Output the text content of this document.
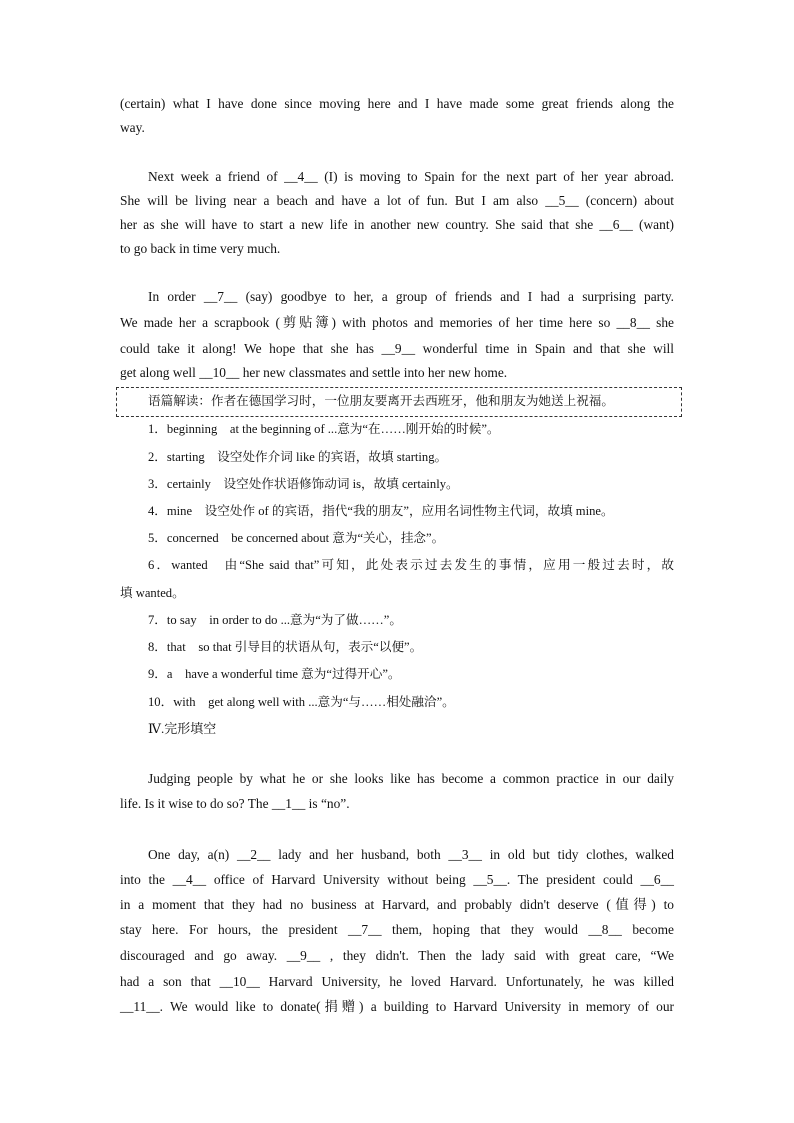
(certain) what I have done since moving here and I have made some great friends along the
way.
Next week a friend of __4__ (I) is moving to Spain for the next part of her year abroad.
She will be living near a beach and have a lot of fun. But I am also __5__ (concern) about
her as she will have to start a new life in another new country. She said that she __6__ (want)
to go back in time very much.
In order __7__ (say) goodbye to her, a group of friends and I had a surprising party.
We made her a scrapbook (剪贴簿) with photos and memories of her time here so __8__ she
could take it along! We hope that she has __9__ wonderful time in Spain and that she will
get along well __10__ her new classmates and settle into her new home.
语篇解读：作者在德国学习时，一位朋友要离开去西班牙，他和朋友为她送上祝福。
1．beginning　at the beginning of ...意为“在……刚开始的时候”。
2．starting　设空处作介词 like 的宾语，故填 starting。
3．certainly　设空处作状语修饰动词 is，故填 certainly。
4．mine　设空处作 of 的宾语，指代“我的朋友”，应用名词性物主代词，故填 mine。
5．concerned　be concerned about 意为“关心，挂念”。
6．wanted　由“She said that”可知，此处表示过去发生的事情，应用一般过去时，故
填 wanted。
7．to say　in order to do ...意为“为了做……”。
8．that　so that 引导目的状语从句，表示“以便”。
9．a　have a wonderful time 意为“过得开心”。
10．with　get along well with ...意为“与……相处融洽”。
Ⅳ.完形填空
Judging people by what he or she looks like has become a common practice in our daily
life. Is it wise to do so? The __1__ is “no”.
One day, a(n) __2__ lady and her husband, both __3__ in old but tidy clothes, walked
into the __4__ office of Harvard University without being __5__. The president could __6__
in a moment that they had no business at Harvard, and probably didn't deserve (值得) to
stay here. For hours, the president __7__ them, hoping that they would __8__ become
discouraged and go away. __9__ , they didn't. Then the lady said with great care, “We
had a son that __10__ Harvard University, he loved Harvard. Unfortunately, he was killed
__11__. We would like to donate(捐赠) a building to Harvard University in memory of our
